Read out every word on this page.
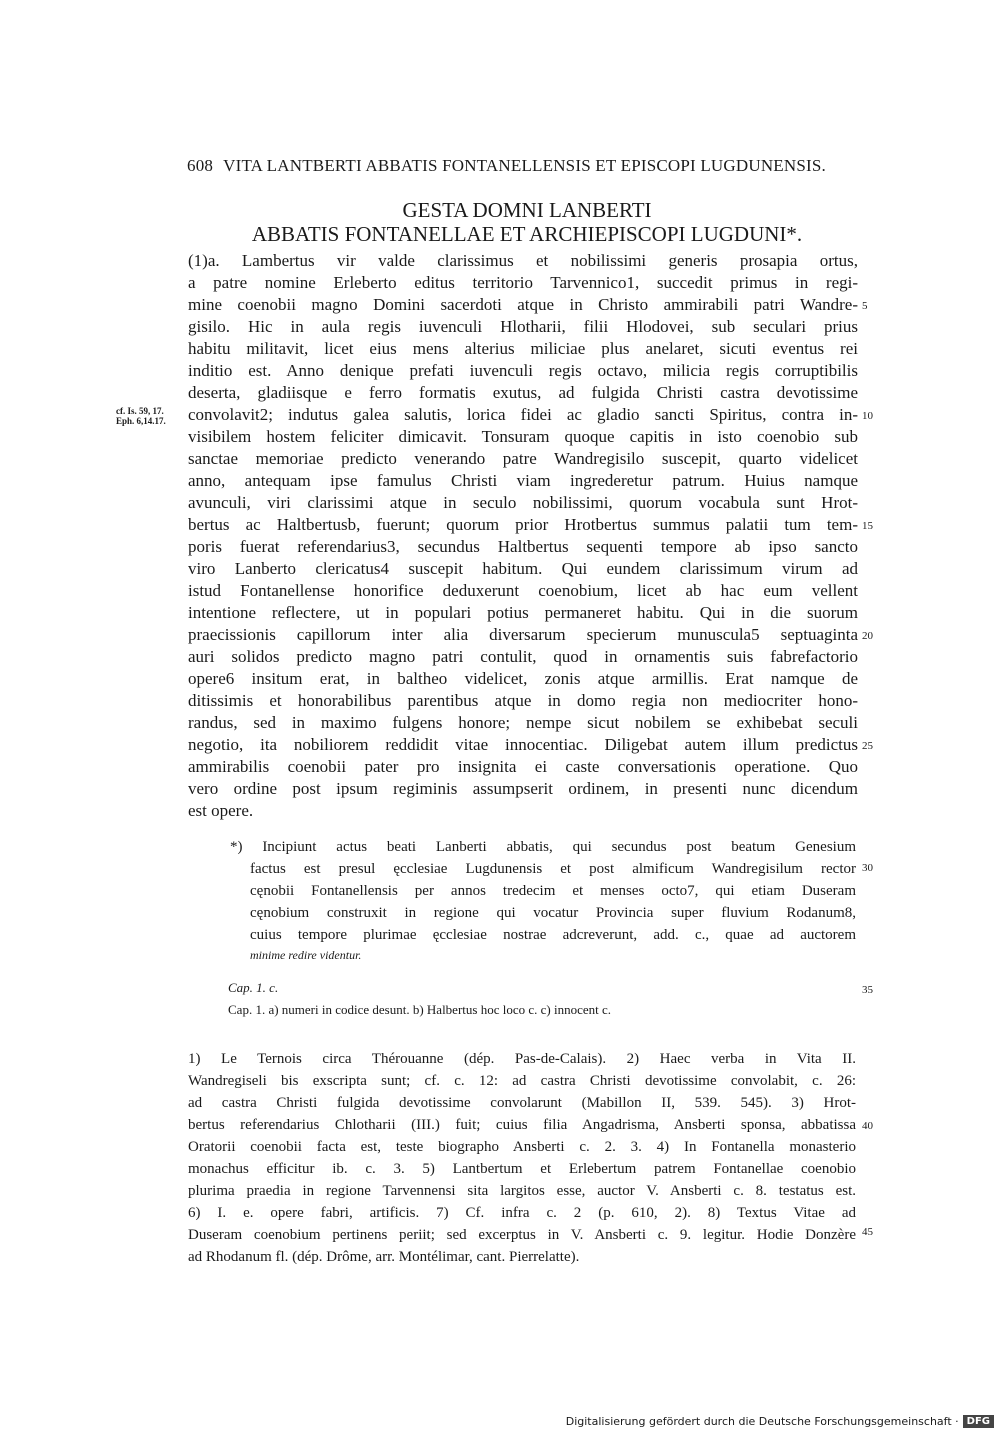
608 VITA LANTBERTI ABBATIS FONTANELLENSIS ET EPISCOPI LUGDUNENSIS.
GESTA DOMNI LANBERTI
ABBATIS FONTANELLAE ET ARCHIEPISCOPI LUGDUNI*.
cf. Is. 59, 17.
Eph. 6,14.17.
(1)a. Lambertus vir valde clarissimus et nobilissimi generis prosapia ortus,
a patre nomine Erleberto editus territorio Tarvennico1, succedit primus in regi-
mine coenobii magno Domini sacerdoti atque in Christo ammirabili patri Wandre-
gisilo. Hic in aula regis iuvenculi Hlotharii, filii Hlodovei, sub seculari prius
habitu militavit, licet eius mens alterius miliciae plus anelaret, sicuti eventus rei
inditio est. Anno denique prefati iuvenculi regis octavo, milicia regis corruptibilis
deserta, gladiisque e ferro formatis exutus, ad fulgida Christi castra devotissime
convolavit2; indutus galea salutis, lorica fidei ac gladio sancti Spiritus, contra in-
visibilem hostem feliciter dimicavit. Tonsuram quoque capitis in isto coenobio sub
sanctae memoriae predicto venerando patre Wandregisilo suscepit, quarto videlicet
anno, antequam ipse famulus Christi viam ingrederetur patrum. Huius namque
avunculi, viri clarissimi atque in seculo nobilissimi, quorum vocabula sunt Hrot-
bertus ac Haltbertusb, fuerunt; quorum prior Hrotbertus summus palatii tum tem-
poris fuerat referendarius3, secundus Haltbertus sequenti tempore ab ipso sancto
viro Lanberto clericatus4 suscepit habitum. Qui eundem clarissimum virum ad
istud Fontanellense honorifice deduxerunt coenobium, licet ab hac eum vellent
intentione reflectere, ut in populari potius permaneret habitu. Qui in die suorum
praecissionis capillorum inter alia diversarum specierum munuscula5 septuaginta
auri solidos predicto magno patri contulit, quod in ornamentis suis fabrefactorio
opere6 insitum erat, in baltheo videlicet, zonis atque armillis. Erat namque de
ditissimis et honorabilibus parentibus atque in domo regia non mediocriter hono-
randus, sed in maximo fulgens honore; nempe sicut nobilem se exhibebat seculi
negotio, ita nobiliorem reddidit vitae innocentiac. Diligebat autem illum predictus
ammirabilis coenobii pater pro insignita ei caste conversationis operatione. Quo
vero ordine post ipsum regiminis assumpserit ordinem, in presenti nunc dicendum
est opere.
5
10
15
20
25
30
35
40
45
*) Incipiunt actus beati Lanberti abbatis, qui secundus post beatum Genesium
factus est presul ęcclesiae Lugdunensis et post almificum Wandregisilum rector
cęnobii Fontanellensis per annos tredecim et menses octo7, qui etiam Duseram
cęnobium construxit in regione qui vocatur Provincia super fluvium Rodanum8,
cuius tempore plurimae ęcclesiae nostrae adcreverunt, add. c., quae ad auctorem
minime redire videntur.
Cap. 1. c.
Cap. 1. a) numeri in codice desunt. b) Halbertus hoc loco c. c) innocent c.
1) Le Ternois circa Thérouanne (dép. Pas-de-Calais). 2) Haec verba in Vita II.
Wandregiseli bis exscripta sunt; cf. c. 12: ad castra Christi devotissime convolabit, c. 26:
ad castra Christi fulgida devotissime convolarunt (Mabillon II, 539. 545). 3) Hrot-
bertus referendarius Chlotharii (III.) fuit; cuius filia Angadrisma, Ansberti sponsa, abbatissa
Oratorii coenobii facta est, teste biographo Ansberti c. 2. 3. 4) In Fontanella monasterio
monachus efficitur ib. c. 3. 5) Lantbertum et Erlebertum patrem Fontanellae coenobio
plurima praedia in regione Tarvennensi sita largitos esse, auctor V. Ansberti c. 8. testatus est.
6) I. e. opere fabri, artificis. 7) Cf. infra c. 2 (p. 610, 2). 8) Textus Vitae ad
Duseram coenobium pertinens periit; sed excerptus in V. Ansberti c. 9. legitur. Hodie Donzère
ad Rhodanum fl. (dép. Drôme, arr. Montélimar, cant. Pierrelatte).
Digitalisierung gefördert durch die Deutsche Forschungsgemeinschaft · DFG
